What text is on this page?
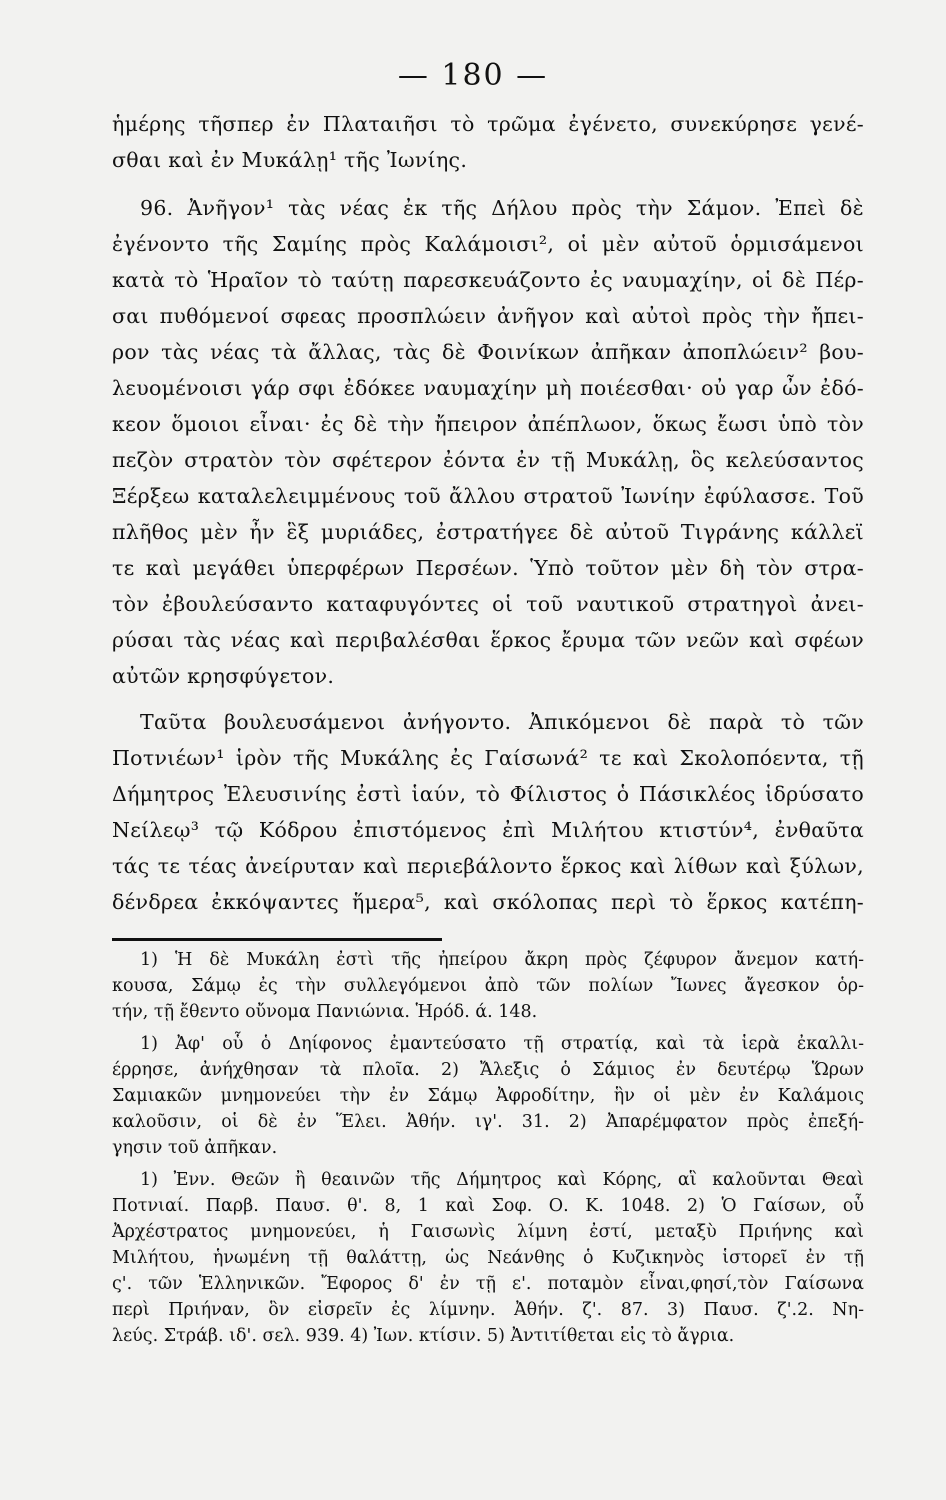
— 180 —
ἡμέρης τῆσπερ ἐν Πλαταιῆσι τὸ τρῶμα ἐγένετο, συνεκύρησε γενέ-
σθαι καὶ ἐν Μυκάλῃ¹ τῆς Ἰωνίης.
96. Ἀνῆγον¹ τὰς νέας ἐκ τῆς Δήλου πρὸς τὴν Σάμον. Ἐπεὶ δὲ
ἐγένοντο τῆς Σαμίης πρὸς Καλάμοισι², οἱ μὲν αὐτοῦ ὁρμισάμενοι
κατὰ τὸ Ἡραῖον τὸ ταύτῃ παρεσκευάζοντο ἐς ναυμαχίην, οἱ δὲ Πέρ-
σαι πυθόμενοί σφεας προσπλώειν ἀνῆγον καὶ αὐτοὶ πρὸς τὴν ἤπει-
ρον τὰς νέας τὰ ἄλλας, τὰς δὲ Φοινίκων ἀπῆκαν ἀποπλώειν² βου-
λευομένοισι γάρ σφι ἐδόκεε ναυμαχίην μὴ ποιέεσθαι· οὐ γαρ ὦν ἐδό-
κεον ὅμοιοι εἶναι· ἐς δὲ τὴν ἤπειρον ἀπέπλωον, ὅκως ἔωσι ὑπὸ τὸν
πεζὸν στρατὸν τὸν σφέτερον ἐόντα ἐν τῇ Μυκάλῃ, ὃς κελεύσαντος
Ξέρξεω καταλελειμμένους τοῦ ἄλλου στρατοῦ Ἰωνίην ἐφύλασσε. Τοῦ
πλῆθος μὲν ἦν ἓξ μυριάδες, ἐστρατήγεε δὲ αὐτοῦ Τιγράνης κάλλεϊ
τε καὶ μεγάθει ὑπερφέρων Περσέων. Ὑπὸ τοῦτον μὲν δὴ τὸν στρα-
τὸν ἐβουλεύσαντο καταφυγόντες οἱ τοῦ ναυτικοῦ στρατηγοὶ ἀνει-
ρύσαι τὰς νέας καὶ περιβαλέσθαι ἕρκος ἔρυμα τῶν νεῶν καὶ σφέων
αὐτῶν κρησφύγετον.
Ταῦτα βουλευσάμενοι ἀνήγοντο. Ἀπικόμενοι δὲ παρὰ τὸ τῶν
Ποτνιέων¹ ἱρὸν τῆς Μυκάλης ἐς Γαίσωνά² τε καὶ Σκολοπόεντα, τῇ
Δήμητρος Ἐλευσινίης ἐστὶ ἱαύν, τὸ Φίλιστος ὁ Πάσικλέος ἱδρύσατο
Νείλεῳ³ τῷ Κόδρου ἐπιστόμενος ἐπὶ Μιλήτου κτιστύν⁴, ἐνθαῦτα
τάς τε τέας ἀνείρυταν καὶ περιεβάλοντο ἕρκος καὶ λίθων καὶ ξύλων,
δένδρεα ἐκκόψαντες ἥμερα⁵, καὶ σκόλοπας περὶ τὸ ἕρκος κατέπη-
1) Ἡ δὲ Μυκάλη ἐστὶ τῆς ἠπείρου ἄκρη πρὸς ζέφυρον ἄνεμον κατή-
κουσα, Σάμῳ ἐς τὴν συλλεγόμενοι ἀπὸ τῶν πολίων Ἴωνες ἄγεσκον ὁρ-
τήν, τῇ ἔθεντο οὔνομα Πανιώνια. Ἡρόδ. ά. 148.
1) Ἀφ' οὗ ὁ Δηίφονος ἐμαντεύσατο τῇ στρατίᾳ, καὶ τὰ ἱερὰ ἐκαλλι-
έρρησε, ἀνήχθησαν τὰ πλοῖα. 2) Ἄλεξις ὁ Σάμιος ἐν δευτέρῳ Ὥρων
Σαμιακῶν μνημονεύει τὴν ἐν Σάμῳ Ἀφροδίτην, ἣν οἱ μὲν ἐν Καλάμοις
καλοῦσιν, οἱ δὲ ἐν Ἕλει. Ἀθήν. ιγ'. 31. 2) Ἀπαρέμφατον πρὸς ἐπεξή-
γησιν τοῦ ἀπῆκαν.
1) Ἐνν. Θεῶν ἢ θεαινῶν τῆς Δήμητρος καὶ Κόρης, αἳ καλοῦνται Θεαὶ
Ποτνιαί. Παρβ. Παυσ. θ'. 8, 1 καὶ Σοφ. Ο. Κ. 1048. 2) Ὁ Γαίσων, οὗ
Ἀρχέστρατος μνημονεύει, ἡ Γαισωνὶς λίμνη ἐστί, μεταξὺ Πριήνης καὶ
Μιλήτου, ἡνωμένη τῇ θαλάττῃ, ὡς Νεάνθης ὁ Κυζικηνὸς ἱστορεῖ ἐν τῇ
ς'. τῶν Ἑλληνικῶν. Ἔφορος δ' ἐν τῇ ε'. ποταμὸν εἶναι,φησί,τὸν Γαίσωνα
περὶ Πριήναν, ὃν εἰσρεῖν ἐς λίμνην. Ἀθήν. ζ'. 87. 3) Παυσ. ζ'.2. Νη-
λεύς. Στράβ. ιδ'. σελ. 939. 4) Ἰων. κτίσιν. 5) Ἀντιτίθεται εἰς τὸ ἄγρια.
